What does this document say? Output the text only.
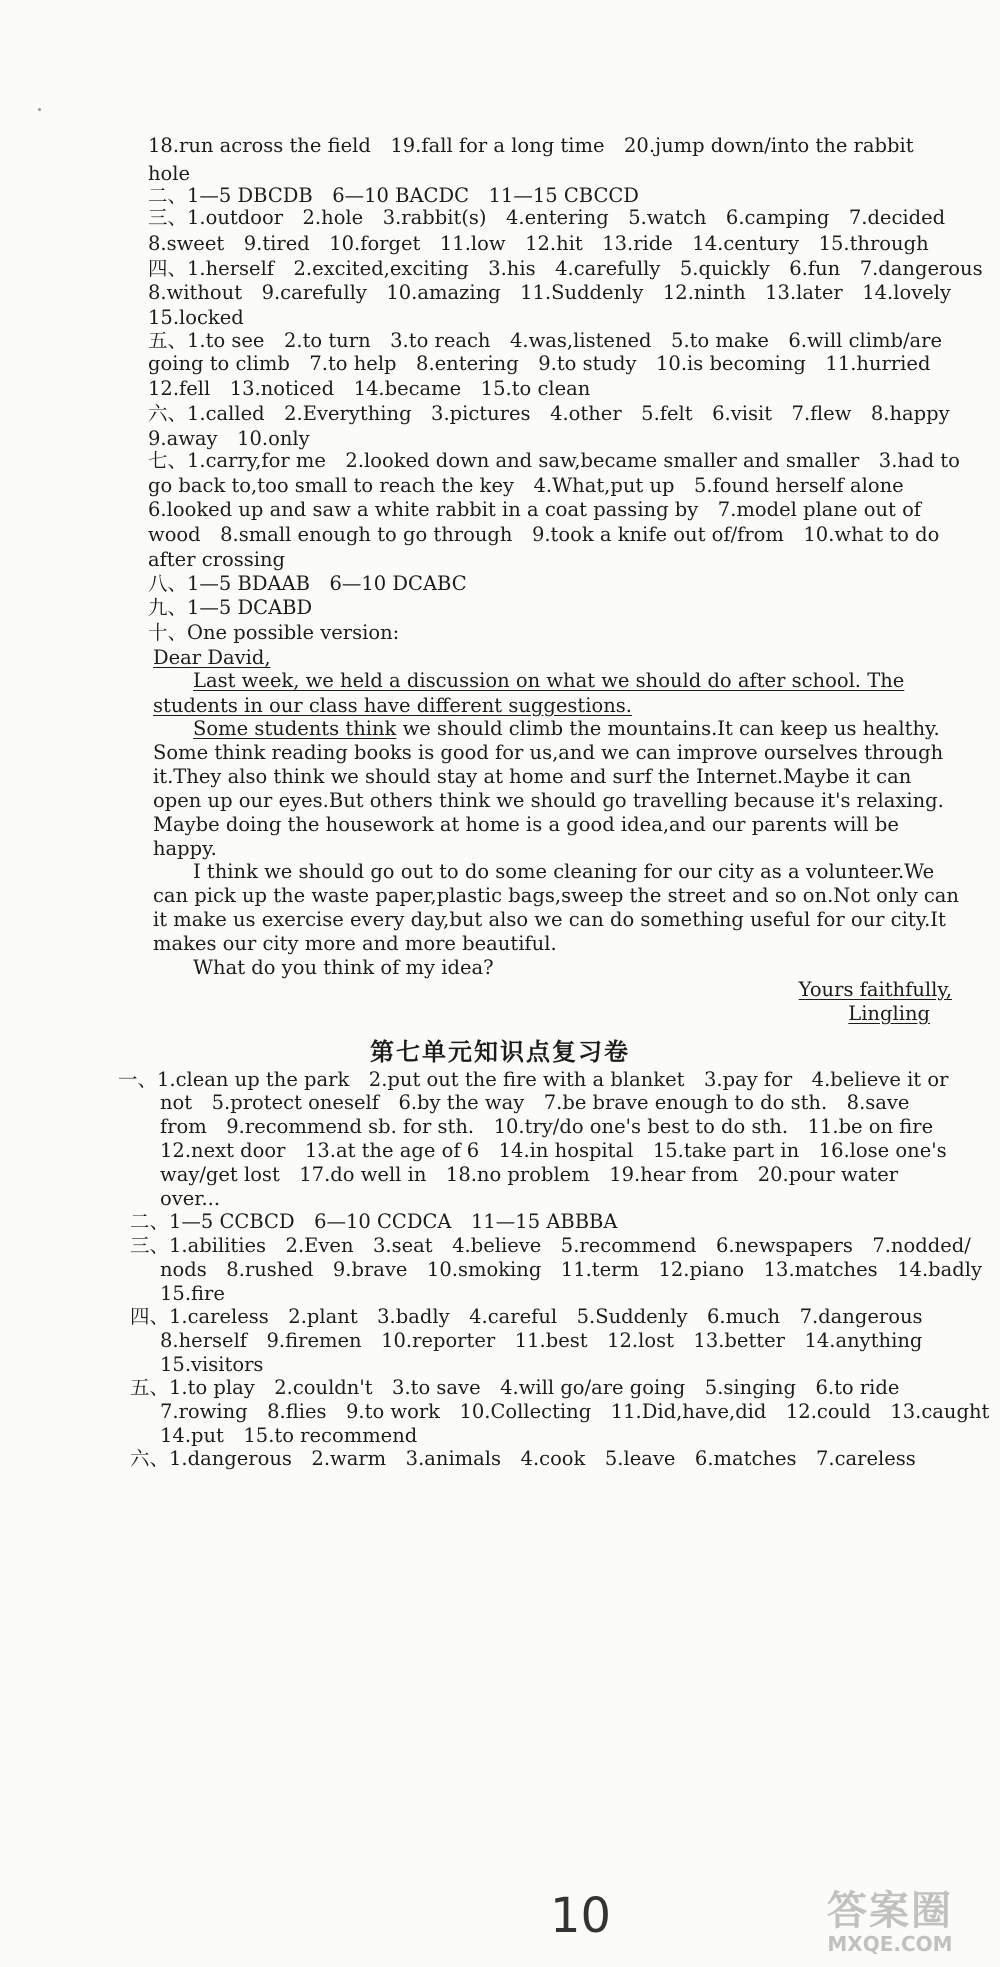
18.run across the field　19.fall for a long time　20.jump down/into the rabbit
hole
二、1—5 DBCDB　6—10 BACDC　11—15 CBCCD
三、1.outdoor　2.hole　3.rabbit(s)　4.entering　5.watch　6.camping　7.decided
8.sweet　9.tired　10.forget　11.low　12.hit　13.ride　14.century　15.through
四、1.herself　2.excited,exciting　3.his　4.carefully　5.quickly　6.fun　7.dangerous
8.without　9.carefully　10.amazing　11.Suddenly　12.ninth　13.later　14.lovely
15.locked
五、1.to see　2.to turn　3.to reach　4.was,listened　5.to make　6.will climb/are
going to climb　7.to help　8.entering　9.to study　10.is becoming　11.hurried
12.fell　13.noticed　14.became　15.to clean
六、1.called　2.Everything　3.pictures　4.other　5.felt　6.visit　7.flew　8.happy
9.away　10.only
七、1.carry,for me　2.looked down and saw,became smaller and smaller　3.had to
go back to,too small to reach the key　4.What,put up　5.found herself alone
6.looked up and saw a white rabbit in a coat passing by　7.model plane out of
wood　8.small enough to go through　9.took a knife out of/from　10.what to do
after crossing
八、1—5 BDAAB　6—10 DCABC
九、1—5 DCABD
十、One possible version:
Dear David,
Last week, we held a discussion on what we should do after school. The
students in our class have different suggestions.
Some students think we should climb the mountains.It can keep us healthy.
Some think reading books is good for us,and we can improve ourselves through
it.They also think we should stay at home and surf the Internet.Maybe it can
open up our eyes.But others think we should go travelling because it's relaxing.
Maybe doing the housework at home is a good idea,and our parents will be
happy.
I think we should go out to do some cleaning for our city as a volunteer.We
can pick up the waste paper,plastic bags,sweep the street and so on.Not only can
it make us exercise every day,but also we can do something useful for our city.It
makes our city more and more beautiful.
What do you think of my idea?
Yours faithfully,
Lingling
第七单元知识点复习卷
一、1.clean up the park　2.put out the fire with a blanket　3.pay for　4.believe it or
not　5.protect oneself　6.by the way　7.be brave enough to do sth.　8.save
from　9.recommend sb. for sth.　10.try/do one's best to do sth.　11.be on fire
12.next door　13.at the age of 6　14.in hospital　15.take part in　16.lose one's
way/get lost　17.do well in　18.no problem　19.hear from　20.pour water
over...
二、1—5 CCBCD　6—10 CCDCA　11—15 ABBBA
三、1.abilities　2.Even　3.seat　4.believe　5.recommend　6.newspapers　7.nodded/
nods　8.rushed　9.brave　10.smoking　11.term　12.piano　13.matches　14.badly
15.fire
四、1.careless　2.plant　3.badly　4.careful　5.Suddenly　6.much　7.dangerous
8.herself　9.firemen　10.reporter　11.best　12.lost　13.better　14.anything
15.visitors
五、1.to play　2.couldn't　3.to save　4.will go/are going　5.singing　6.to ride
7.rowing　8.flies　9.to work　10.Collecting　11.Did,have,did　12.could　13.caught
14.put　15.to recommend
六、1.dangerous　2.warm　3.animals　4.cook　5.leave　6.matches　7.careless
10	答案圈
MXQE.COM
